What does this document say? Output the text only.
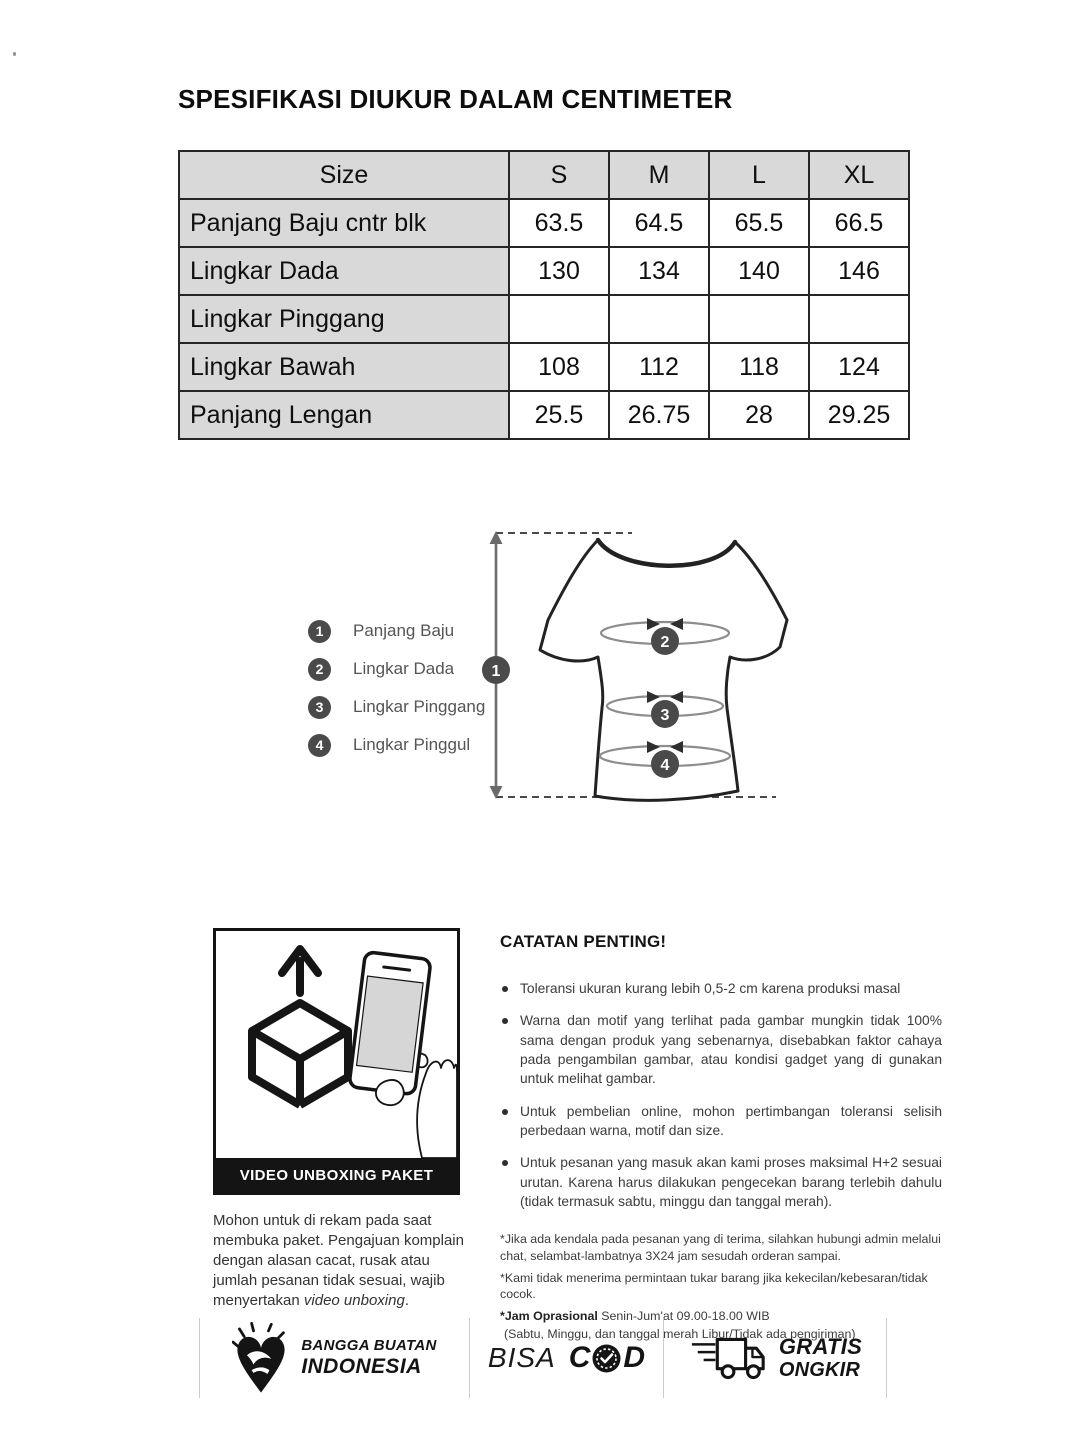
SPESIFIKASI DIUKUR DALAM CENTIMETER
Size	S	M	L	XL
Panjang Baju cntr blk	63.5	64.5	65.5	66.5
Lingkar Dada	130	134	140	146
Lingkar Pinggang				
Lingkar Bawah	108	112	118	124
Panjang Lengan	25.5	26.75	28	29.25
1	Panjang Baju
2	Lingkar Dada
3	Lingkar Pinggang
4	Lingkar Pinggul
1
2
3
4
VIDEO UNBOXING PAKET

Mohon untuk di rekam pada saat membuka paket. Pengajuan komplain dengan alasan cacat, rusak atau jumlah pesanan tidak sesuai, wajib menyertakan video unboxing.

CATATAN PENTING!
Toleransi ukuran kurang lebih 0,5-2 cm karena produksi masal
Warna dan motif yang terlihat pada gambar mungkin tidak 100% sama dengan produk yang sebenarnya, disebabkan faktor cahaya pada pengambilan gambar, atau kondisi gadget yang di gunakan untuk melihat gambar.
Untuk pembelian online, mohon pertimbangan toleransi selisih perbedaan warna, motif dan size.
Untuk pesanan yang masuk akan kami proses maksimal H+2 sesuai urutan. Karena harus dilakukan pengecekan barang terlebih dahulu (tidak termasuk sabtu, minggu dan tanggal merah).

*Jika ada kendala pada pesanan yang di terima, silahkan hubungi admin melalui chat, selambat-lambatnya 3X24 jam sesudah orderan sampai.

*Kami tidak menerima permintaan tukar barang jika kekecilan/kebesaran/tidak cocok.

*Jam Oprasional Senin-Jum'at 09.00-18.00 WIB

(Sabtu, Minggu, dan tanggal merah Libur/Tidak ada pengiriman)

BANGGA BUATAN
INDONESIA	BISA C D	GRATIS
ONGKIR
